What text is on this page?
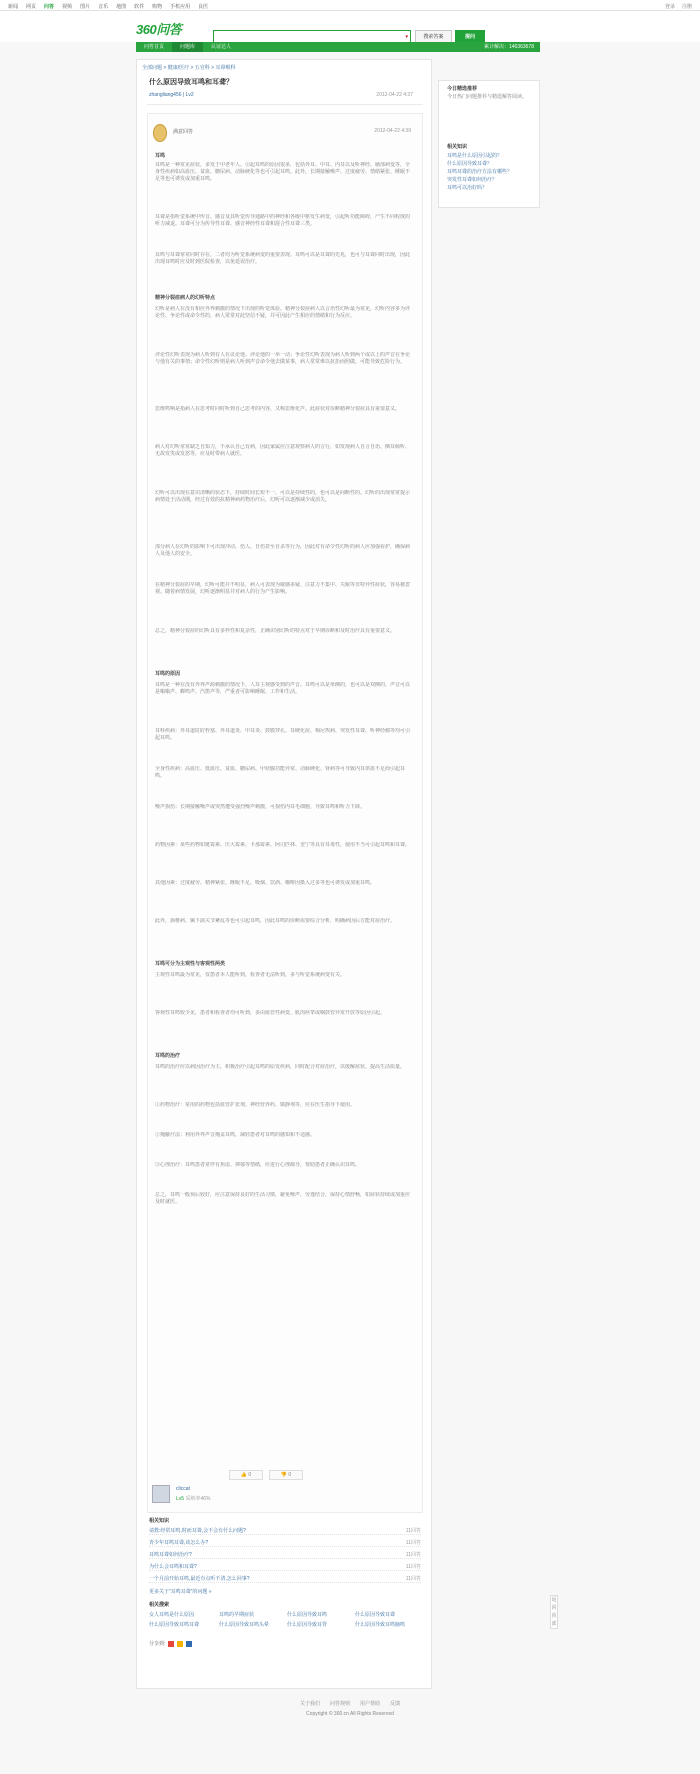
新闻 网页 问答 视频 图片 音乐 地图 软件 购物 手机应用 良医	登录 注册
360问答	▾	搜索答案	提问
问答首页	问题库	认证达人	累计解决：146363678
全部问题 > 健康/医疗 > 五官科 > 耳鼻喉科
什么原因导致耳鸣和耳聋？
zhangliang456 | Lv2	2012-04-22 4:37
满意回答	2012-04-22 4:39
耳鸣
耳鸣是一种常见症状，多发于中老年人。引起耳鸣的原因很多，包括外耳、中耳、内耳以及听神经、脑部病变等，全身性疾病如高血压、贫血、糖尿病、动脉硬化等也可引起耳鸣。此外，长期接触噪声、过度疲劳、情绪紧张、睡眠不足等也可诱发或加重耳鸣。
耳聋是指听觉系统中传音、感音及其听觉传导通路中的神经和各级中枢发生病变，引起听功能障碍，产生不同程度的听力减退。耳聋可分为传导性耳聋、感音神经性耳聋和混合性耳聋三类。
耳鸣与耳聋常常同时存在，二者均为听觉系统病变的重要表现。耳鸣可以是耳聋的先兆，也可与耳聋同时出现，因此出现耳鸣时应及时到医院检查，以免延误治疗。
精神分裂症病人的幻听特点
幻听是病人在没有相应外界刺激的情况下出现的听觉体验。精神分裂症病人以言语性幻听最为常见，幻听内容多为评论性、争论性或命令性的，病人常常对此坚信不疑，并可因此产生相应的情绪和行为反应。
评论性幻听表现为病人听到有人在议论他、评论他的一举一动；争论性幻听表现为病人听到两个或以上的声音在争论与他有关的事情；命令性幻听则是病人听到声音命令他去做某事，病人常常难以抗拒而照做，可能导致危险行为。
思维鸣响是指病人在思考时同时听到自己思考的内容，又称思维化声。此症状对诊断精神分裂症具有重要意义。
病人对幻听常常缺乏自知力，不承认自己有病，因此家属应注意观察病人的言行，如发现病人自言自语、侧耳倾听、无故发笑或发怒等，应及时带病人就医。
幻听可以出现在意识清晰的状态下，持续时间长短不一，可以是持续性的，也可以是间断性的。幻听的出现常常提示病情处于活动期，经过有效的抗精神病药物治疗后，幻听可以逐渐减少或消失。
部分病人在幻听的影响下可出现冲动、伤人、自伤甚至自杀等行为，因此对有命令性幻听的病人应加强看护，确保病人及他人的安全。
在精神分裂症的早期，幻听可能并不明显，病人可表现为敏感多疑、注意力不集中、失眠等非特异性症状，容易被忽视。随着病情发展，幻听逐渐明显并对病人的行为产生影响。
总之，精神分裂症的幻听具有多样性和复杂性，正确识别幻听的特点对于早期诊断和及时治疗具有重要意义。
耳鸣的原因
耳鸣是一种在没有外界声源刺激的情况下，人耳主观感受到的声音。耳鸣可以是单侧的，也可以是双侧的，声音可以是嗡嗡声、蝉鸣声、汽笛声等，严重者可影响睡眠、工作和生活。
耳科疾病：外耳道耵聍栓塞、外耳道炎、中耳炎、鼓膜穿孔、耳硬化症、梅尼埃病、突发性耳聋、听神经瘤等均可引起耳鸣。
全身性疾病：高血压、低血压、贫血、糖尿病、甲状腺功能异常、动脉硬化、肾病等可导致内耳供血不足而引起耳鸣。
噪声损伤：长期接触噪声或突然遭受强烈噪声刺激，可损伤内耳毛细胞，导致耳鸣和听力下降。
药物因素：某些药物如链霉素、庆大霉素、卡那霉素、阿司匹林、奎宁等具有耳毒性，使用不当可引起耳鸣和耳聋。
其他因素：过度疲劳、精神紧张、睡眠不足、吸烟、饮酒、咖啡因摄入过多等也可诱发或加重耳鸣。
此外，颈椎病、颞下颌关节紊乱等也可引起耳鸣，因此耳鸣的诊断需要综合分析，明确病因后方能对症治疗。
耳鸣可分为主观性与客观性两类
主观性耳鸣最为常见，仅患者本人能听到，检查者无法听到，多与听觉系统病变有关。
客观性耳鸣较少见，患者和检查者均可听到，多由血管性病变、肌肉痉挛或咽鼓管异常开放等原因引起。
耳鸣的治疗
耳鸣的治疗应以病因治疗为主，积极治疗引起耳鸣的原发疾病，同时配合对症治疗，以缓解症状、提高生活质量。
①药物治疗：常用的药物包括血管扩张剂、神经营养药、镇静剂等，应在医生指导下使用。
②掩蔽疗法：利用外界声音掩盖耳鸣，减轻患者对耳鸣的感知和不适感。
③心理治疗：耳鸣患者常伴有焦虑、抑郁等情绪，应进行心理疏导，帮助患者正确认识耳鸣。
总之，耳鸣一般预后较好，应注意保持良好的生活习惯，避免噪声，劳逸结合，保持心情舒畅，如症状持续或加重应及时就医。
👍 0	👎 0
cliccat
Lv5 采纳率46%
相关知识
请教:经常耳鸣,时而耳聋,会不会有什么问题?	11回答
青少年耳鸣耳聋,该怎么办?	11回答
耳鸣耳聋如何治疗?	11回答
为什么会耳鸣和耳聋?	11回答
一个月前开始耳鸣,最近有点听不清,怎么回事?	11回答
更多关于“耳鸣耳聋”的问题 »
相关搜索
女人耳鸣是什么原因	耳鸣的早期症状	什么原因导致耳鸣	什么原因导致耳聋
什么原因导致耳鸣耳聋	什么原因导致耳鸣头晕	什么原因导致耳背	什么原因导致耳鸣脑鸣
分享到:
今日精选推荐
今日热门问题推荐与精选解答阅读。
相关知识
耳鸣是什么原因引起的？
什么原因导致耳聋？
耳鸣耳聋的治疗方法有哪些？
突发性耳聋如何治疗？
耳鸣可以治好吗？
返回顶部
关于我们 问答规则 用户帮助 反馈
Copyright © 360.cn All Rights Reserved
